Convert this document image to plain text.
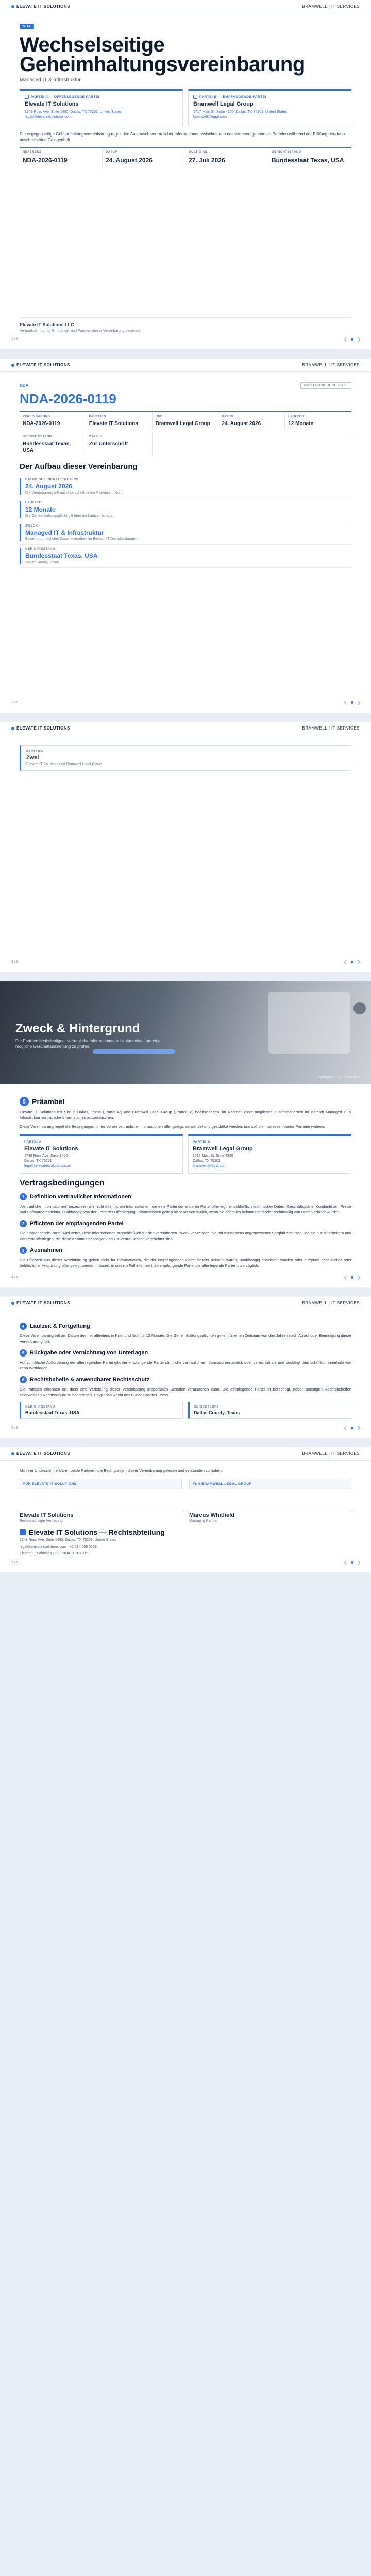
ELEVATE IT SOLUTIONS	BRAMWELL | IT SERVICES
NDA
Wechselseitige Geheimhaltungsvereinbarung
Managed IT & Infrastruktur
PARTEI A — OFFENLEGENDE PARTEI
Elevate IT Solutions
1749 Ross Ave, Suite 1400, Dallas, TX 75201, United States
legal@elevateitsolutions.com
PARTEI B — EMPFANGENDE PARTEI
Bramwell Legal Group
1717 Main St, Suite 4300, Dallas, TX 75201, United States
bramwell@legal.com
Diese gegenseitige Geheimhaltungsvereinbarung regelt den Austausch vertraulicher Informationen zwischen den nachstehend genannten Parteien während der Prüfung der darin beschriebenen Gelegenheit.
REFERENZ
NDA-2026-0119
DATUM
24. August 2026
GÜLTIG AB
27. Juli 2026
GERICHTSSTAND
Bundesstaat Texas, USA
Elevate IT Solutions LLC
Vertraulich – nur für Empfänger und Parteien dieser Vereinbarung bestimmt.
1 / 6
ELEVATE IT SOLUTIONS	BRAMWELL | IT SERVICES
NDA	NUR FÜR BERECHTIGTE
NDA-2026-0119
VEREINBARUNG
NDA-2026-0119
PARTEIEN
Elevate IT Solutions
UND
Bramwell Legal Group
DATUM
24. August 2026
LAUFZEIT
12 Monate
GERICHTSSTAND
Bundesstaat Texas, USA
STATUS
Zur Unterschrift
Der Aufbau dieser Vereinbarung
DATUM DES INKRAFTTRETENS
24. August 2026
Die Vereinbarung tritt mit Unterschrift beider Parteien in Kraft.
LAUFZEIT
12 Monate
Die Geheimhaltungspflicht gilt über die Laufzeit hinaus.
ZWECK
Managed IT & Infrastruktur
Bewertung möglicher Zusammenarbeit im Bereich IT-Dienstleistungen.
GERICHTSSTAND
Bundesstaat Texas, USA
Dallas County, Texas
2 / 6
ELEVATE IT SOLUTIONS	BRAMWELL | IT SERVICES
PARTEIEN
Zwei
Elevate IT Solutions und Bramwell Legal Group
3 / 6
Zweck & Hintergrund
Die Parteien beabsichtigen, vertrauliche Informationen auszutauschen, um eine mögliche Geschäftsbeziehung zu prüfen.
Managed IT & Infrastruktur
§ Präambel

Elevate IT Solutions mit Sitz in Dallas, Texas („Partei A“) und Bramwell Legal Group („Partei B“) beabsichtigen, im Rahmen einer möglichen Zusammenarbeit im Bereich Managed IT & Infrastruktur vertrauliche Informationen auszutauschen.

Diese Vereinbarung regelt die Bedingungen, unter denen vertrauliche Informationen offengelegt, verwendet und geschützt werden, und soll die Interessen beider Parteien wahren.

PARTEI A
Elevate IT Solutions
1749 Ross Ave, Suite 1400
Dallas, TX 75201
legal@elevateitsolutions.com
PARTEI B
Bramwell Legal Group
1717 Main St, Suite 4300
Dallas, TX 75201
bramwell@legal.com
Vertragsbedingungen
1 Definition vertraulicher Informationen

„Vertrauliche Informationen“ bezeichnet alle nicht öffentlichen Informationen, die eine Partei der anderen Partei offenlegt, einschließlich technischer Daten, Geschäftspläne, Kundenlisten, Preise und Softwarearchitektur, unabhängig von der Form der Offenlegung. Informationen gelten nicht als vertraulich, wenn sie öffentlich bekannt sind oder rechtmäßig von Dritten erlangt wurden.

2 Pflichten der empfangenden Partei

Die empfangende Partei wird vertrauliche Informationen ausschließlich für den vereinbarten Zweck verwenden, sie mit mindestens angemessener Sorgfalt schützen und sie nur Mitarbeitern und Beratern offenlegen, die diese Kenntnis benötigen und zur Vertraulichkeit verpflichtet sind.

3 Ausnahmen

Die Pflichten aus dieser Vereinbarung gelten nicht für Informationen, die der empfangenden Partei bereits bekannt waren, unabhängig entwickelt wurden oder aufgrund gesetzlicher oder behördlicher Anordnung offengelegt werden müssen; in diesem Fall informiert die empfangende Partei die offenlegende Partei unverzüglich.

4 / 6
ELEVATE IT SOLUTIONS	BRAMWELL | IT SERVICES
4 Laufzeit & Fortgeltung

Diese Vereinbarung tritt am Datum des Inkrafttretens in Kraft und läuft für 12 Monate. Die Geheimhaltungspflichten gelten für einen Zeitraum von drei Jahren nach Ablauf oder Beendigung dieser Vereinbarung fort.

5 Rückgabe oder Vernichtung von Unterlagen

Auf schriftliche Aufforderung der offenlegenden Partei gibt die empfangende Partei sämtliche vertraulichen Informationen zurück oder vernichtet sie und bestätigt dies schriftlich innerhalb von zehn Werktagen.

6 Rechtsbehelfe & anwendbarer Rechtsschutz

Die Parteien erkennen an, dass eine Verletzung dieser Vereinbarung irreparablen Schaden verursachen kann. Die offenlegende Partei ist berechtigt, neben sonstigen Rechtsbehelfen einstweiligen Rechtsschutz zu beantragen. Es gilt das Recht des Bundesstaates Texas.

GERICHTSSTAND
Bundesstaat Texas, USA
GERICHTSORT
Dallas County, Texas
5 / 6
ELEVATE IT SOLUTIONS	BRAMWELL | IT SERVICES

Mit ihrer Unterschrift erklären beide Parteien, die Bedingungen dieser Vereinbarung gelesen und verstanden zu haben.

FÜR ELEVATE IT SOLUTIONS
Elevate IT Solutions
Bevollmächtigte Vertretung
FÜR BRAMWELL LEGAL GROUP
Marcus Whitfield
Managing Partner
Elevate IT Solutions — Rechtsabteilung
1749 Ross Ave, Suite 1400, Dallas, TX 75201, United States
legal@elevateitsolutions.com · +1 214 555 0133
Elevate IT Solutions LLC · NDA-2026-0119
6 / 6
